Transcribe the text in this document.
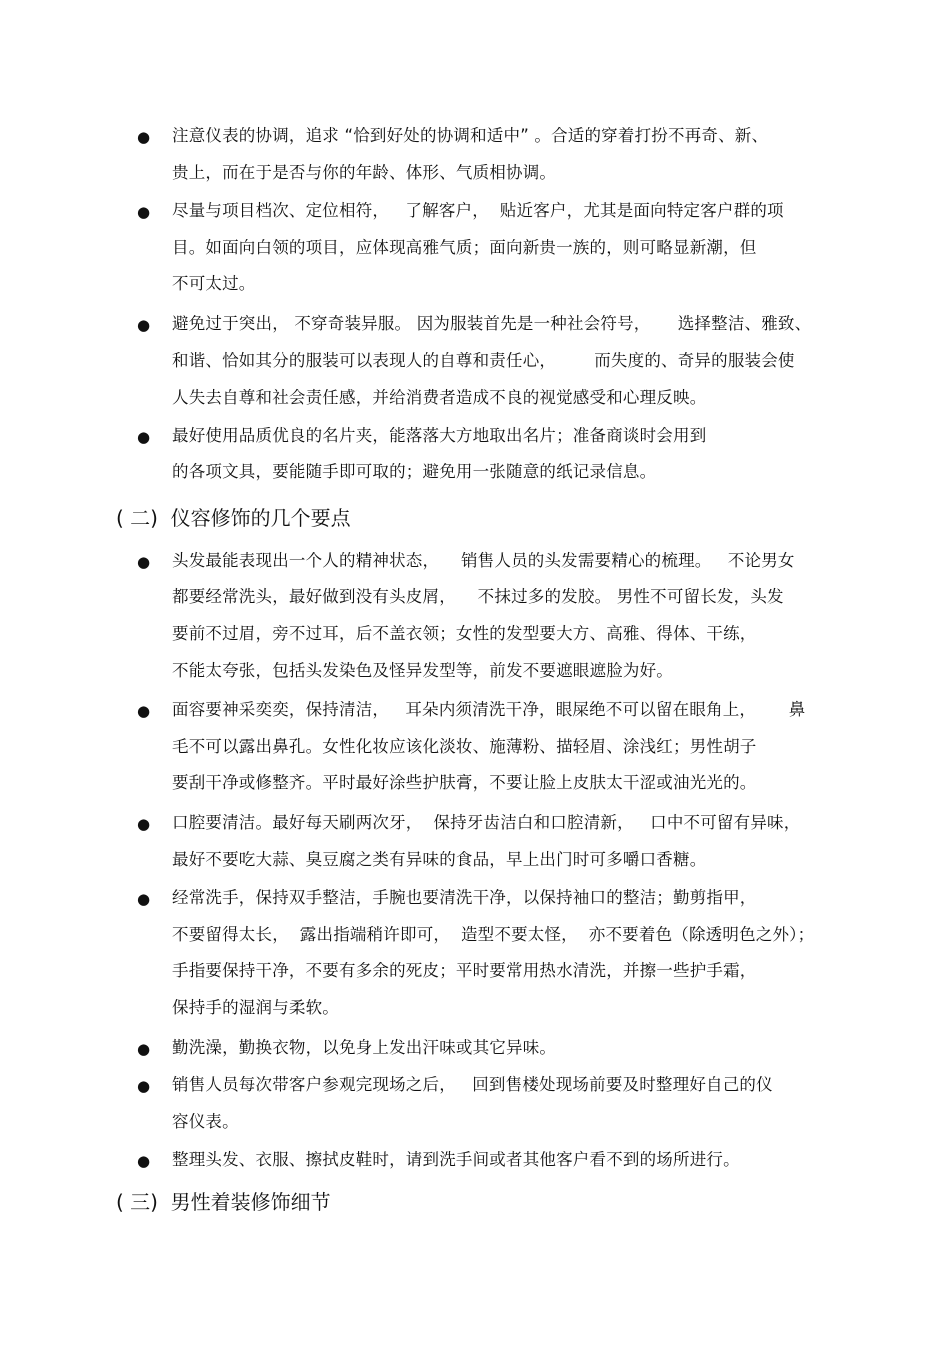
● 注意仪表的协调，追求 “恰到好处的协调和适中” 。合适的穿着打扮不再奇、新、
贵上，而在于是否与你的年龄、体形、气质相协调。
● 尽量与项目档次、定位相符，   了解客户，  贴近客户，尤其是面向特定客户群的项
目。如面向白领的项目，应体现高雅气质；面向新贵一族的，则可略显新潮，但
不可太过。
● 避免过于突出， 不穿奇装异服。 因为服装首先是一种社会符号，     选择整洁、雅致、
和谐、恰如其分的服装可以表现人的自尊和责任心，       而失度的、奇异的服装会使
人失去自尊和社会责任感，并给消费者造成不良的视觉感受和心理反映。
● 最好使用品质优良的名片夹，能落落大方地取出名片；准备商谈时会用到
的各项文具，要能随手即可取的；避免用一张随意的纸记录信息。
( 二)  仪容修饰的几个要点
● 头发最能表现出一个人的精神状态，    销售人员的头发需要精心的梳理。   不论男女
都要经常洗头，最好做到没有头皮屑，    不抹过多的发胶。 男性不可留长发，头发
要前不过眉，旁不过耳，后不盖衣领；女性的发型要大方、高雅、得体、干练，
不能太夸张，包括头发染色及怪异发型等，前发不要遮眼遮脸为好。
● 面容要神采奕奕，保持清洁，   耳朵内须清洗干净，眼屎绝不可以留在眼角上，      鼻
毛不可以露出鼻孔。女性化妆应该化淡妆、施薄粉、描轻眉、涂浅红；男性胡子
要刮干净或修整齐。平时最好涂些护肤膏，不要让脸上皮肤太干涩或油光光的。
● 口腔要清洁。最好每天刷两次牙，  保持牙齿洁白和口腔清新，   口中不可留有异味，
最好不要吃大蒜、臭豆腐之类有异味的食品，早上出门时可多嚼口香糖。
● 经常洗手，保持双手整洁，手腕也要清洗干净，以保持袖口的整洁；勤剪指甲，
不要留得太长，  露出指端稍许即可，  造型不要太怪，  亦不要着色（除透明色之外）；
手指要保持干净，不要有多余的死皮；平时要常用热水清洗，并擦一些护手霜，
保持手的湿润与柔软。
● 勤洗澡，勤换衣物，以免身上发出汗味或其它异味。
● 销售人员每次带客户参观完现场之后，   回到售楼处现场前要及时整理好自己的仪
容仪表。
● 整理头发、衣服、擦拭皮鞋时，请到洗手间或者其他客户看不到的场所进行。
( 三)  男性着装修饰细节
